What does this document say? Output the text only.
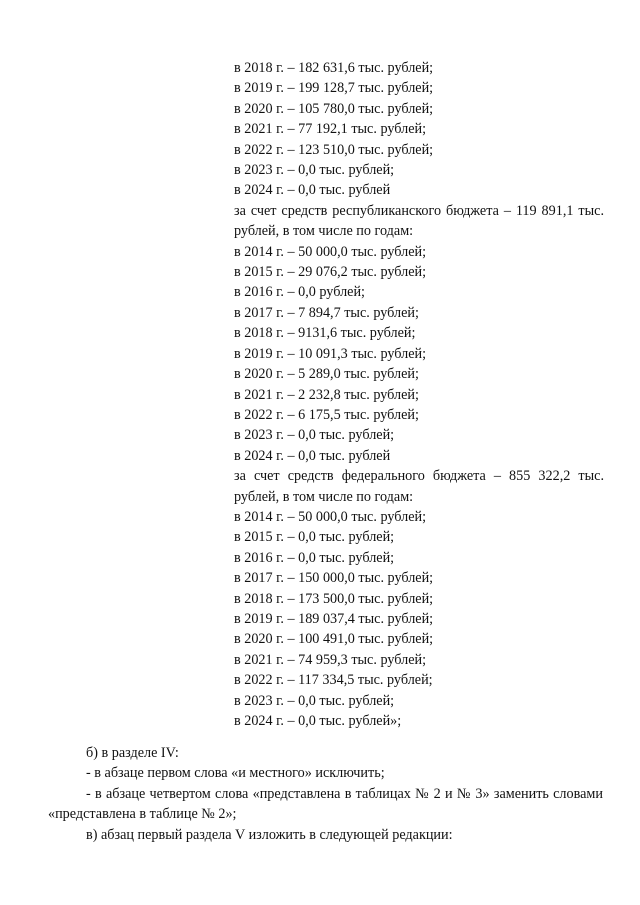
в 2018 г. – 182 631,6 тыс. рублей;
в 2019 г. – 199 128,7 тыс. рублей;
в 2020 г. – 105 780,0 тыс. рублей;
в 2021 г. – 77 192,1 тыс. рублей;
в 2022 г. – 123 510,0 тыс. рублей;
в 2023 г. – 0,0 тыс. рублей;
в 2024 г. – 0,0 тыс. рублей
за счет средств республиканского бюджета – 119 891,1 тыс. рублей, в том числе по годам:
в 2014 г. – 50 000,0 тыс. рублей;
в 2015 г. – 29 076,2 тыс. рублей;
в 2016 г. – 0,0 рублей;
в 2017 г. – 7 894,7 тыс. рублей;
в 2018 г. – 9131,6 тыс. рублей;
в 2019 г. – 10 091,3 тыс. рублей;
в 2020 г. – 5 289,0 тыс. рублей;
в 2021 г. – 2 232,8 тыс. рублей;
в 2022 г. – 6 175,5 тыс. рублей;
в 2023 г. – 0,0 тыс. рублей;
в 2024 г. – 0,0 тыс. рублей
за счет средств федерального бюджета – 855 322,2 тыс. рублей, в том числе по годам:
в 2014 г. – 50 000,0 тыс. рублей;
в 2015 г. – 0,0 тыс. рублей;
в 2016 г. – 0,0 тыс. рублей;
в 2017 г. – 150 000,0 тыс. рублей;
в 2018 г. – 173 500,0 тыс. рублей;
в 2019 г. – 189 037,4 тыс. рублей;
в 2020 г. – 100 491,0 тыс. рублей;
в 2021 г. – 74 959,3 тыс. рублей;
в 2022 г. – 117 334,5 тыс. рублей;
в 2023 г. – 0,0 тыс. рублей;
в 2024 г. – 0,0 тыс. рублей»;
б) в разделе IV:
- в абзаце первом слова «и местного» исключить;
- в абзаце четвертом слова «представлена в таблицах № 2 и № 3» заменить словами «представлена в таблице № 2»;
в) абзац первый раздела V изложить в следующей редакции:
